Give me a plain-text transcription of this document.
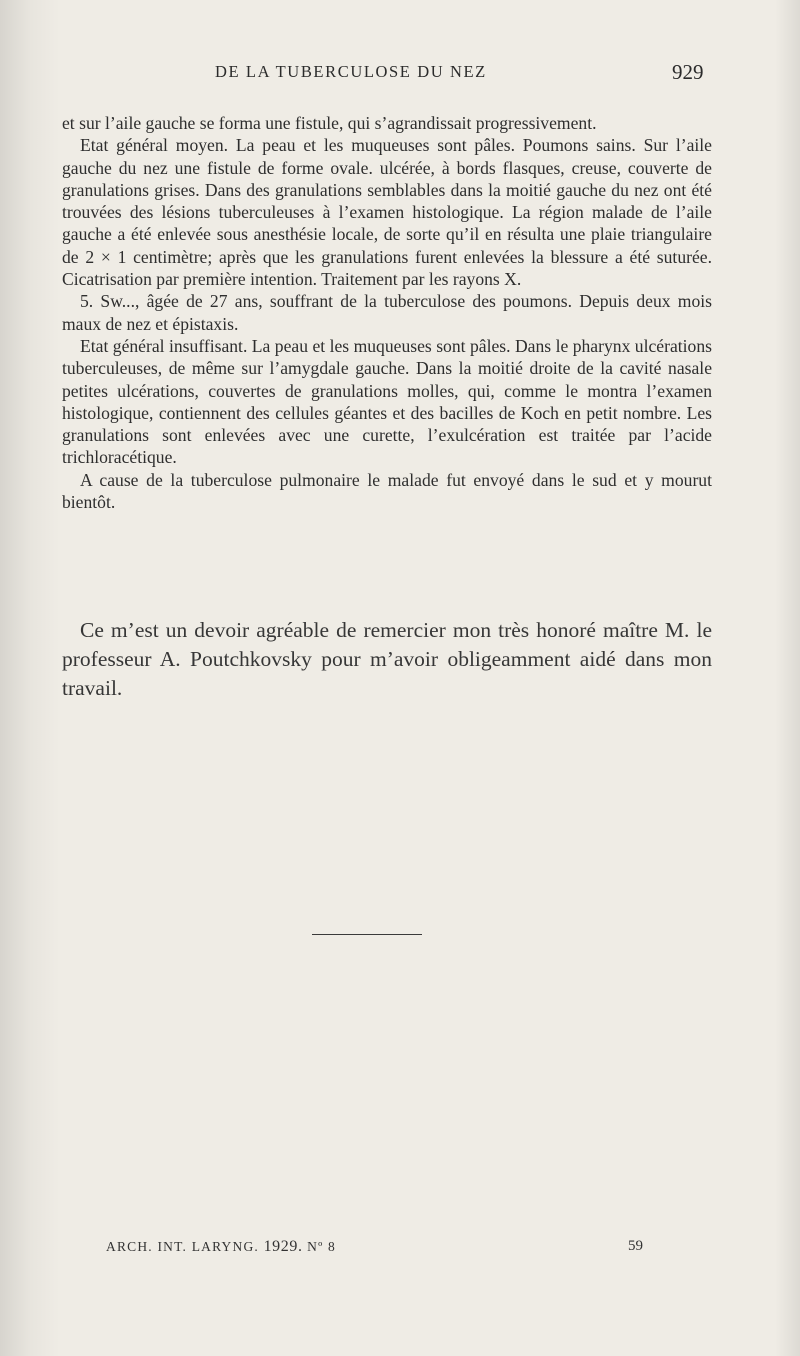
DE LA TUBERCULOSE DU NEZ	929

et sur l’aile gauche se forma une fistule, qui s’agrandissait progressivement.

Etat général moyen. La peau et les muqueuses sont pâles. Poumons sains. Sur l’aile gauche du nez une fistule de forme ovale. ulcérée, à bords flasques, creuse, couverte de granulations grises. Dans des granulations semblables dans la moitié gauche du nez ont été trouvées des lésions tuberculeuses à l’examen histologique. La région malade de l’aile gauche a été enlevée sous anesthésie locale, de sorte qu’il en résulta une plaie triangulaire de 2 × 1 centimètre; après que les granulations furent enlevées la blessure a été suturée. Cicatrisation par première intention. Traitement par les rayons X.

5. Sw..., âgée de 27 ans, souffrant de la tuberculose des poumons. Depuis deux mois maux de nez et épistaxis.

Etat général insuffisant. La peau et les muqueuses sont pâles. Dans le pharynx ulcérations tuberculeuses, de même sur l’amygdale gauche. Dans la moitié droite de la cavité nasale petites ulcérations, couvertes de granulations molles, qui, comme le montra l’examen histologique, contiennent des cellules géantes et des bacilles de Koch en petit nombre. Les granulations sont enlevées avec une curette, l’exulcération est traitée par l’acide trichloracétique.

A cause de la tuberculose pulmonaire le malade fut envoyé dans le sud et y mourut bientôt.

Ce m’est un devoir agréable de remercier mon très honoré maître M. le professeur A. Poutchkovsky pour m’avoir obligeamment aidé dans mon travail.

ARCH. INT. LARYNG. 1929. Nº 8	59
